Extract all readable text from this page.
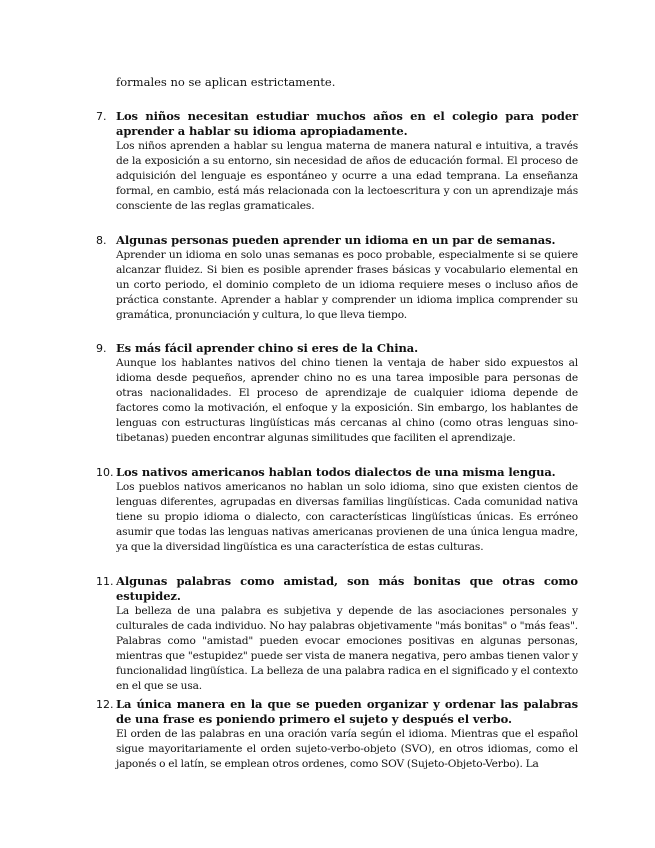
formales no se aplican estrictamente.
7. Los niños necesitan estudiar muchos años en el colegio para poder aprender a hablar su idioma apropiadamente.
Los niños aprenden a hablar su lengua materna de manera natural e intuitiva, a través de la exposición a su entorno, sin necesidad de años de educación formal. El proceso de adquisición del lenguaje es espontáneo y ocurre a una edad temprana. La enseñanza formal, en cambio, está más relacionada con la lectoescritura y con un aprendizaje más consciente de las reglas gramaticales.
8. Algunas personas pueden aprender un idioma en un par de semanas.
Aprender un idioma en solo unas semanas es poco probable, especialmente si se quiere alcanzar fluidez. Si bien es posible aprender frases básicas y vocabulario elemental en un corto periodo, el dominio completo de un idioma requiere meses o incluso años de práctica constante. Aprender a hablar y comprender un idioma implica comprender su gramática, pronunciación y cultura, lo que lleva tiempo.
9. Es más fácil aprender chino si eres de la China.
Aunque los hablantes nativos del chino tienen la ventaja de haber sido expuestos al idioma desde pequeños, aprender chino no es una tarea imposible para personas de otras nacionalidades. El proceso de aprendizaje de cualquier idioma depende de factores como la motivación, el enfoque y la exposición. Sin embargo, los hablantes de lenguas con estructuras lingüísticas más cercanas al chino (como otras lenguas sino-tibetanas) pueden encontrar algunas similitudes que faciliten el aprendizaje.
10. Los nativos americanos hablan todos dialectos de una misma lengua.
Los pueblos nativos americanos no hablan un solo idioma, sino que existen cientos de lenguas diferentes, agrupadas en diversas familias lingüísticas. Cada comunidad nativa tiene su propio idioma o dialecto, con características lingüísticas únicas. Es erróneo asumir que todas las lenguas nativas americanas provienen de una única lengua madre, ya que la diversidad lingüística es una característica de estas culturas.
11. Algunas palabras como amistad, son más bonitas que otras como estupidez.
La belleza de una palabra es subjetiva y depende de las asociaciones personales y culturales de cada individuo. No hay palabras objetivamente "más bonitas" o "más feas". Palabras como "amistad" pueden evocar emociones positivas en algunas personas, mientras que "estupidez" puede ser vista de manera negativa, pero ambas tienen valor y funcionalidad lingüística. La belleza de una palabra radica en el significado y el contexto en el que se usa.
12. La única manera en la que se pueden organizar y ordenar las palabras de una frase es poniendo primero el sujeto y después el verbo.
El orden de las palabras en una oración varía según el idioma. Mientras que el español sigue mayoritariamente el orden sujeto-verbo-objeto (SVO), en otros idiomas, como el japonés o el latín, se emplean otros ordenes, como SOV (Sujeto-Objeto-Verbo). La
